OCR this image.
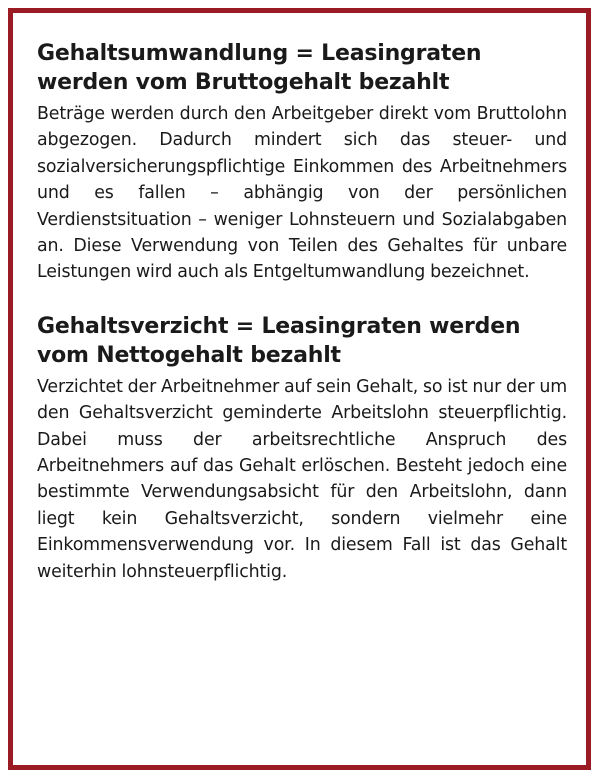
Gehaltsumwandlung = Leasingraten werden vom Bruttogehalt bezahlt

Beträge werden durch den Arbeitgeber direkt vom Bruttolohn abgezogen. Dadurch mindert sich das steuer- und sozialversicherungspflichtige Einkommen des Arbeitnehmers und es fallen – abhängig von der persönlichen Verdienstsituation – weniger Lohnsteuern und Sozialabgaben an. Diese Verwendung von Teilen des Gehaltes für unbare Leistungen wird auch als Entgeltumwandlung bezeichnet.

Gehaltsverzicht = Leasingraten werden vom Nettogehalt bezahlt

Verzichtet der Arbeitnehmer auf sein Gehalt, so ist nur der um den Gehaltsverzicht geminderte Arbeitslohn steuerpflichtig. Dabei muss der arbeitsrechtliche Anspruch des Arbeitnehmers auf das Gehalt erlöschen. Besteht jedoch eine bestimmte Verwendungsabsicht für den Arbeitslohn, dann liegt kein Gehaltsverzicht, sondern vielmehr eine Einkommensverwendung vor. In diesem Fall ist das Gehalt weiterhin lohnsteuerpflichtig.
